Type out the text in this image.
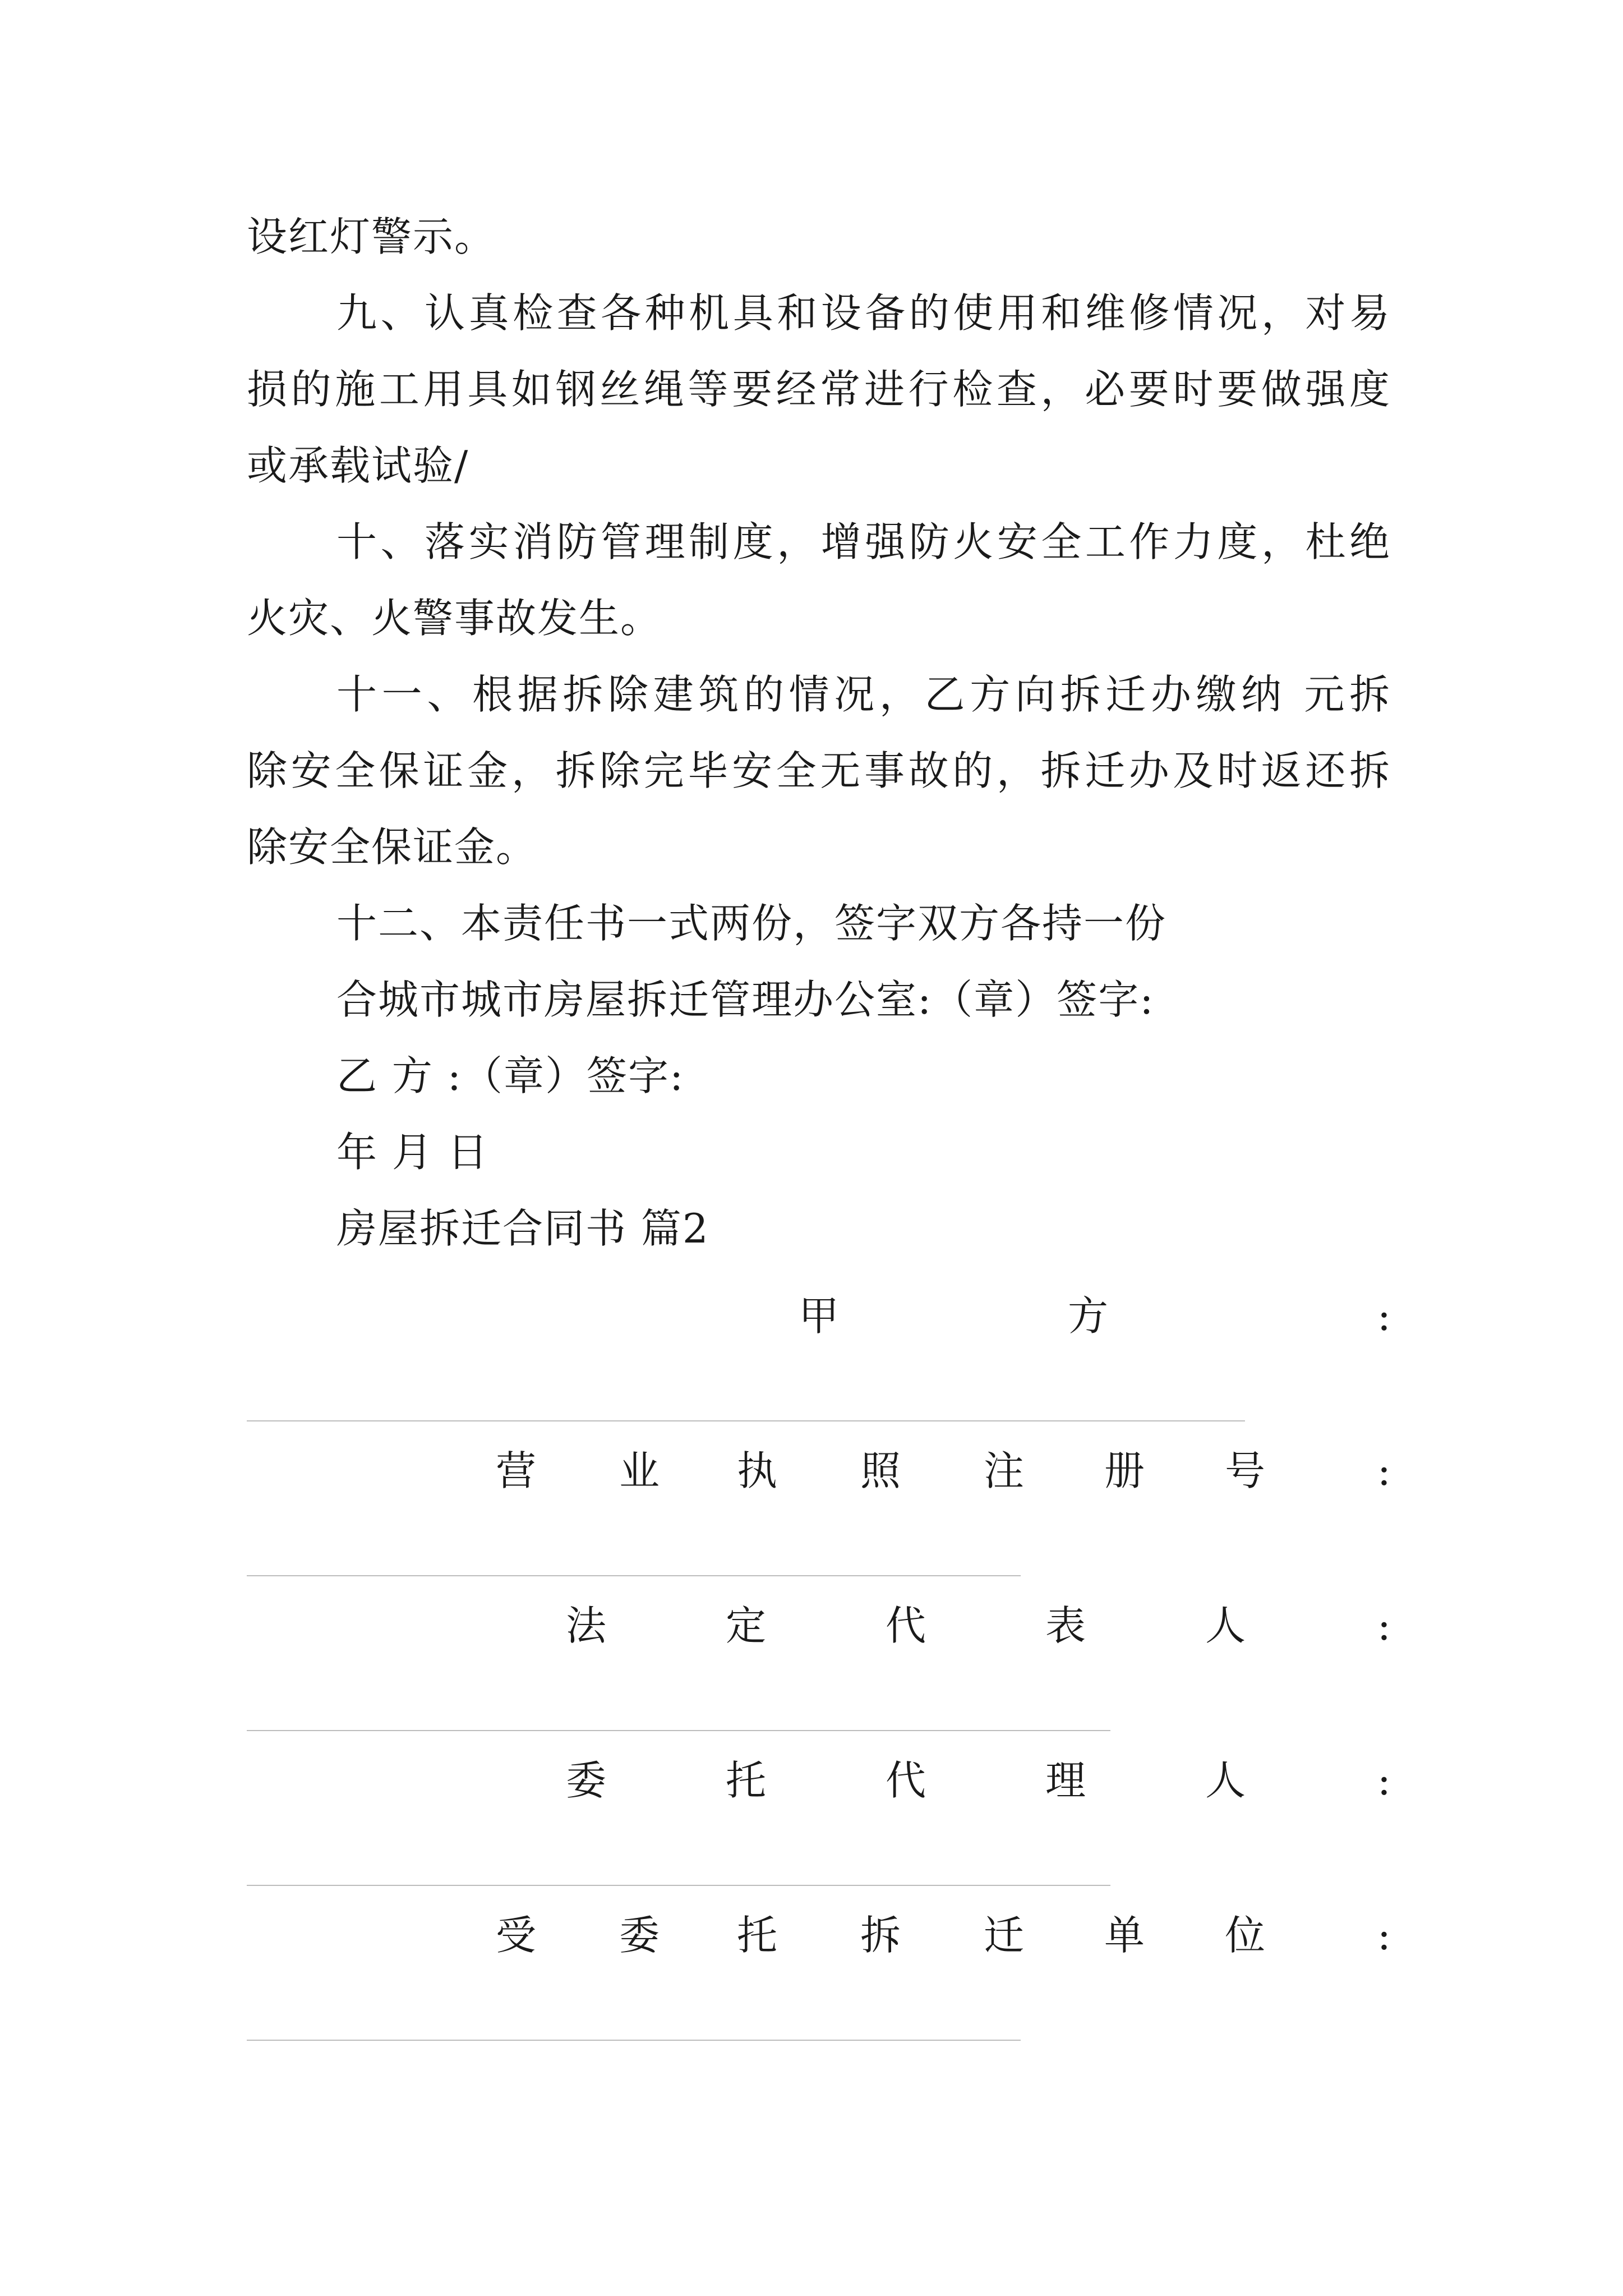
设红灯警示。
九、认真检查各种机具和设备的使用和维修情况，对易
损的施工用具如钢丝绳等要经常进行检查，必要时要做强度
或承载试验/
十、落实消防管理制度，增强防火安全工作力度，杜绝
火灾、火警事故发生。
十一、根据拆除建筑的情况，乙方向拆迁办缴纳 元拆
除安全保证金，拆除完毕安全无事故的，拆迁办及时返还拆
除安全保证金。
十二、本责任书一式两份，签字双方各持一份
合城市城市房屋拆迁管理办公室:（章）签字:
乙 方 :（章）签字:
年 月 日
房屋拆迁合同书 篇2
甲	方	:
营 业 执 照 注 册 号	:
法	定	代	表	人	:
委	托	代	理	人	:
受 委 托 拆 迁 单 位	:
